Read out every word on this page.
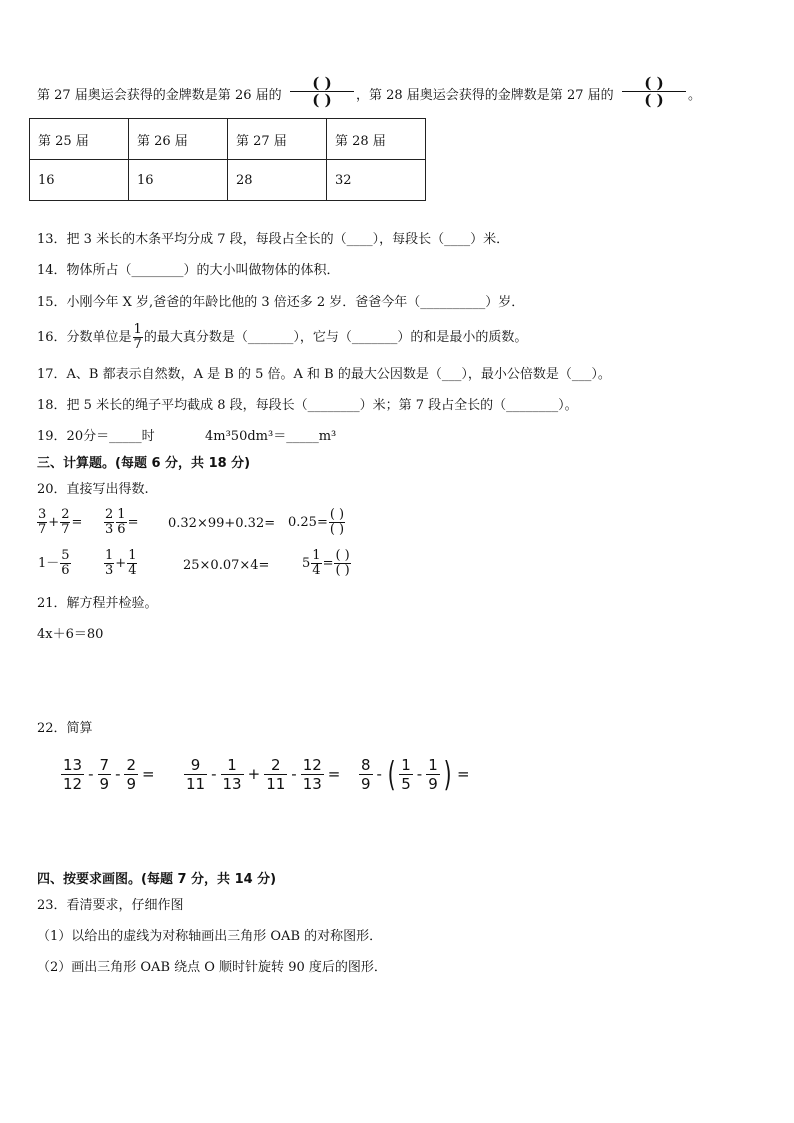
第 27 届奥运会获得的金牌数是第 26 届的
( )
( )	，第 28 届奥运会获得的金牌数是第 27 届的
( )
( )	。
第 25 届	第 26 届	第 27 届	第 28 届
16	16	28	32
13．把 3 米长的木条平均分成 7 段，每段占全长的（____），每段长（____）米．
14．物体所占（________）的大小叫做物体的体积．
15．小刚今年 X 岁,爸爸的年龄比他的 3 倍还多 2 岁．爸爸今年（__________）岁．
16．分数单位是 $\frac{1}{7}$ 的最大真分数是（_______），它与（_______）的和是最小的质数。
17．A、B 都表示自然数，A 是 B 的 5 倍。A 和 B 的最大公因数是（___），最小公倍数是（___）。
18．把 5 米长的绳子平均截成 8 段，每段长（________）米；第 7 段占全长的（________）。
19．20分＝_____时	4m³50dm³＝_____m³
三、计算题。(每题 6 分，共 18 分)
20．直接写出得数.
$\frac{3}{7} + \frac{2}{7} = \frac{2}{3} \frac{1}{6} = 0.32\times 99+0.32= 0.25= \frac{( )}{( )}$
$1- \frac{5}{6}$	$\frac{1}{3} + \frac{1}{4}$	25×0.07×4=	$5 \frac{1}{4} = \frac{( )}{( )}$
21．解方程并检验。
4x＋6＝80
22．简算
$\frac{13}{12} - \frac{7}{9} - \frac{2}{9} = \frac{9}{11} - \frac{1}{13} + \frac{2}{11} - \frac{12}{13} = \frac{8}{9}$ - ( $\frac{1}{5} - \frac{1}{9}$ ) =
四、按要求画图。(每题 7 分，共 14 分)
23．看清要求，仔细作图
（1）以给出的虚线为对称轴画出三角形 OAB 的对称图形．
（2）画出三角形 OAB 绕点 O 顺时针旋转 90 度后的图形．
